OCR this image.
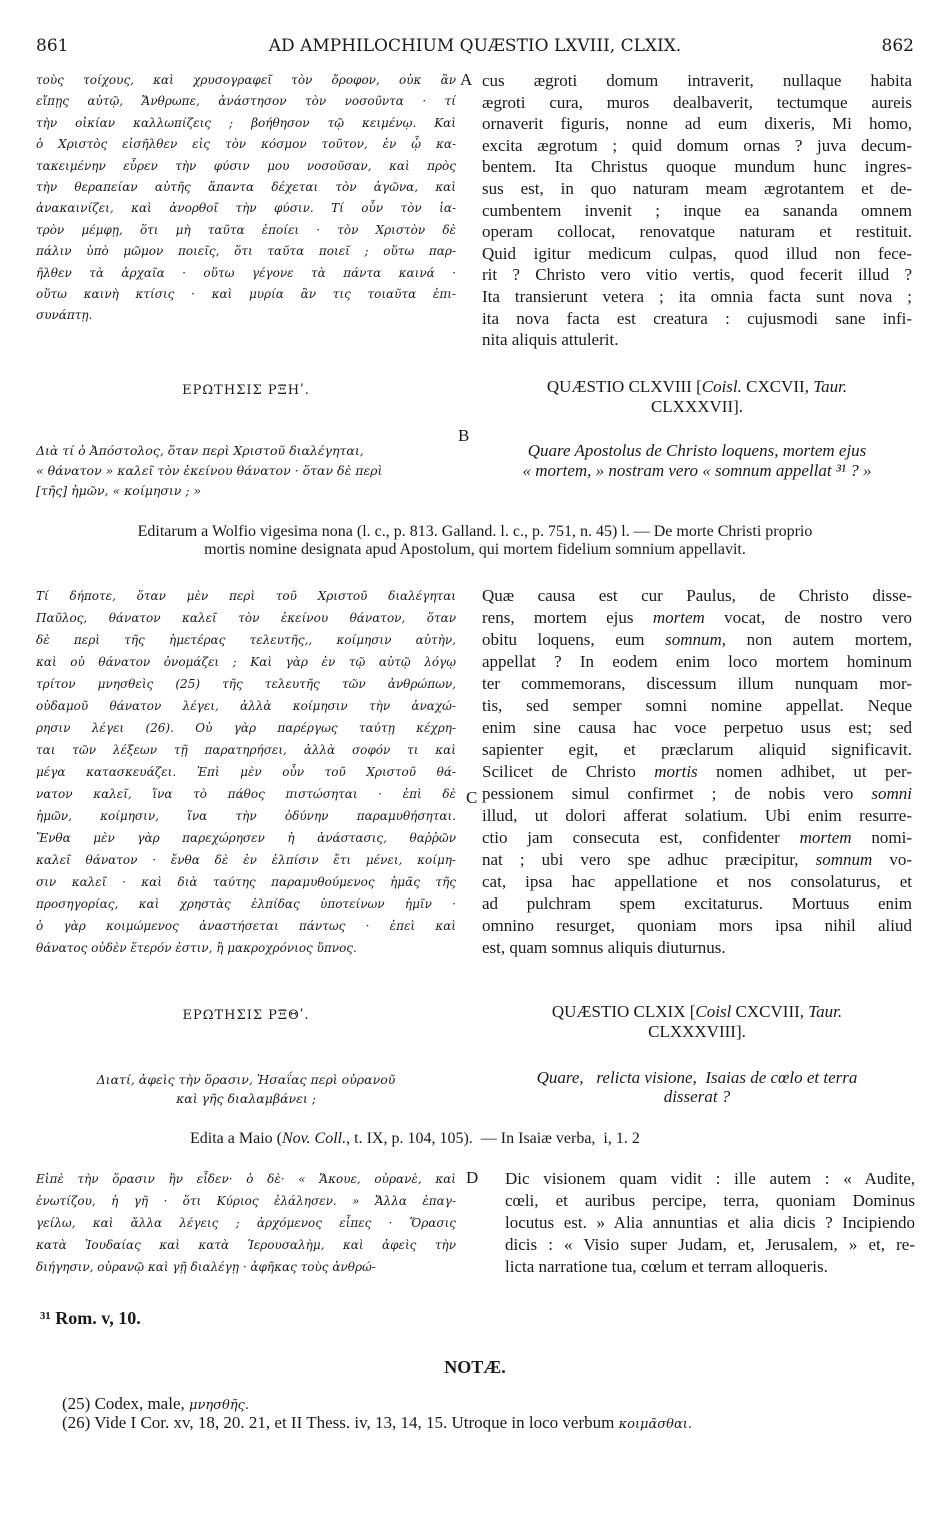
861	AD AMPHILOCHIUM QUÆSTIO LXVIII, CLXIX.	862
τοὺς τοίχους, καὶ χρυσογραφεῖ τὸν ὄροφον, οὐκ ἂν
εἴπῃς αὐτῷ, Ἄνθρωπε, ἀνάστησον τὸν νοσοῦντα · τί
τὴν οἰκίαν καλλωπίζεις ; βοήθησον τῷ κειμένῳ. Καὶ
ὁ Χριστὸς εἰσῆλθεν εἰς τὸν κόσμον τοῦτον, ἐν ᾧ κα-
τακειμένην εὗρεν τὴν φύσιν μου νοσοῦσαν, καὶ πρὸς
τὴν θεραπείαν αὐτῆς ἅπαντα δέχεται τὸν ἀγῶνα, καὶ
ἀνακαινίζει, καὶ ἀνορθοῖ τὴν φύσιν. Τί οὖν τὸν ἰα-
τρὸν μέμφῃ, ὅτι μὴ ταῦτα ἐποίει · τὸν Χριστὸν δὲ
πάλιν ὑπὸ μῶμον ποιεῖς, ὅτι ταῦτα ποιεῖ ; οὕτω παρ-
ῆλθεν τὰ ἀρχαῖα · οὕτω γέγονε τὰ πάντα καινά ·
οὕτω καινὴ κτίσις · καὶ μυρία ἂν τις τοιαῦτα ἐπι-
συνάπτῃ.
A cus ægroti domum intraverit, nullaque habita
ægroti cura, muros dealbaverit, tectumque aureis
ornaverit figuris, nonne ad eum dixeris, Mi homo,
excita ægrotum ; quid domum ornas ? juva decum-
bentem. Ita Christus quoque mundum hunc ingres-
sus est, in quo naturam meam ægrotantem et de-
cumbentem invenit ; inque ea sananda omnem
operam collocat, renovatque naturam et restituit.
Quid igitur medicum culpas, quod illud non fece-
rit ? Christo vero vitio vertis, quod fecerit illud ?
Ita transierunt vetera ; ita omnia facta sunt nova ;
ita nova facta est creatura : cujusmodi sane infi-
nita aliquis attulerit.
ΕΡΩΤΗΣΙΣ ΡΞΗʹ.	QUÆSTIO CLXVIII [Coisl. CXCVII, Taur.
CLXXXVII].
B
Διὰ τί ὁ Ἀπόστολος, ὅταν περὶ Χριστοῦ διαλέγηται,
« θάνατον » καλεῖ τὸν ἐκείνου θάνατον · ὅταν δὲ περὶ
[τῆς] ἡμῶν, « κοίμησιν ; »
Quare Apostolus de Christo loquens, mortem ejus
« mortem, » nostram vero « somnum appellat ³¹ ? »
Editarum a Wolfio vigesima nona (l. c., p. 813. Galland. l. c., p. 751, n. 45) l. — De morte Christi proprio
mortis nomine designata apud Apostolum, qui mortem fidelium somnium appellavit.
Τί δήποτε, ὅταν μὲν περὶ τοῦ Χριστοῦ διαλέγηται
Παῦλος, θάνατον καλεῖ τὸν ἐκείνου θάνατον, ὅταν
δὲ περὶ τῆς ἡμετέρας τελευτῆς,, κοίμησιν αὐτὴν,
καὶ οὐ θάνατον ὀνομάζει ; Καὶ γὰρ ἐν τῷ αὐτῷ λόγῳ
τρίτον μνησθεὶς (25) τῆς τελευτῆς τῶν ἀνθρώπων,
οὐδαμοῦ θάνατον λέγει, ἀλλὰ κοίμησιν τὴν ἀναχώ-
ρησιν λέγει (26). Οὐ γὰρ παρέργως ταύτῃ κέχρη-
ται τῶν λέξεων τῇ παρατηρήσει, ἀλλὰ σοφόν τι καὶ
μέγα κατασκευάζει. Ἐπὶ μὲν οὖν τοῦ Χριστοῦ θά-
νατον καλεῖ, ἵνα τὸ πάθος πιστώσηται · ἐπὶ δὲ
ἡμῶν, κοίμησιν, ἵνα τὴν ὀδύνην παραμυθήσηται.
Ἔνθα μὲν γὰρ παρεχώρησεν ἡ ἀνάστασις, θαῤῥῶν
καλεῖ θάνατον · ἔνθα δὲ ἐν ἐλπίσιν ἔτι μένει, κοίμη-
σιν καλεῖ · καὶ διὰ ταύτης παραμυθούμενος ἡμᾶς τῆς
προσηγορίας, καὶ χρηστὰς ἐλπίδας ὑποτείνων ἡμῖν ·
ὁ γὰρ κοιμώμενος ἀναστήσεται πάντως · ἐπεὶ καὶ
θάνατος οὐδὲν ἕτερόν ἐστιν, ἢ μακροχρόνιος ὕπνος.
C
Quæ causa est cur Paulus, de Christo disse-
rens, mortem ejus mortem vocat, de nostro vero
obitu loquens, eum somnum, non autem mortem,
appellat ? In eodem enim loco mortem hominum
ter commemorans, discessum illum nunquam mor-
tis, sed semper somni nomine appellat. Neque
enim sine causa hac voce perpetuo usus est; sed
sapienter egit, et præclarum aliquid significavit.
Scilicet de Christo mortis nomen adhibet, ut per-
pessionem simul confirmet ; de nobis vero somni
illud, ut dolori afferat solatium. Ubi enim resurre-
ctio jam consecuta est, confidenter mortem nomi-
nat ; ubi vero spe adhuc præcipitur, somnum vo-
cat, ipsa hac appellatione et nos consolaturus, et
ad pulchram spem excitaturus. Mortuus enim
omnino resurget, quoniam mors ipsa nihil aliud
est, quam somnus aliquis diuturnus.
ΕΡΩΤΗΣΙΣ ΡΞΘʹ.	QUÆSTIO CLXIX [Coisl CXCVIII, Taur.
CLXXXVIII].
Διατί, ἀφεὶς τὴν ὅρασιν, Ἡσαΐας περὶ οὐρανοῦ
καὶ γῆς διαλαμβάνει ;
Quare,   relicta visione,  Isaias de cœlo et terra
disserat ?
Edita a Maio (Nov. Coll., t. IX, p. 104, 105).  — In Isaiæ verba,  i, 1. 2
Εἰπὲ τὴν ὅρασιν ἣν εἶδεν· ὁ δὲ· « Ἄκουε, οὐρανὲ, καὶ
ἐνωτίζου, ἡ γῆ · ὅτι Κύριος ἐλάλησεν. » Ἄλλα ἐπαγ-
γείλω, καὶ ἄλλα λέγεις ; ἀρχόμενος εἶπες · Ὅρασις
κατὰ Ἰουδαίας καὶ κατὰ Ἱερουσαλὴμ, καὶ ἀφεὶς τὴν
διήγησιν, οὐρανῷ καὶ γῇ διαλέγῃ · ἀφῆκας τοὺς ἀνθρώ-
D Dic visionem quam vidit : ille autem : « Audite,
cœli, et auribus percipe, terra, quoniam Dominus
locutus est. » Alia annuntias et alia dicis ? Incipiendo
dicis : « Visio super Judam, et, Jerusalem, » et, re-
licta narratione tua, cœlum et terram alloqueris.
³¹ Rom. v, 10.
NOTÆ.
(25) Codex, male, μνησθῆς.
(26) Vide I Cor. xv, 18, 20. 21, et II Thess. iv, 13, 14, 15. Utroque in loco verbum κοιμᾶσθαι.
